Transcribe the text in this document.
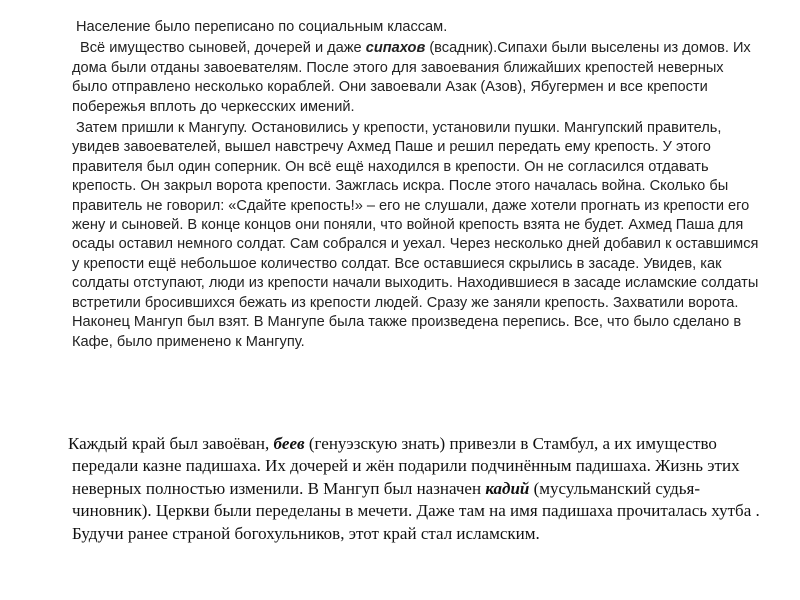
Население было переписано по социальным классам.

Всё имущество сыновей, дочерей и даже сипахов (всадник).Сипахи были выселены из домов. Их дома были отданы завоевателям. После этого для завоевания ближайших крепостей неверных было отправлено несколько кораблей. Они завоевали Азак (Азов), Ябугермен и все крепости побережья вплоть до черкесских имений.

Затем пришли к Мангупу. Остановились у крепости, установили пушки. Мангупский правитель, увидев завоевателей, вышел навстречу Ахмед Паше и решил передать ему крепость. У этого правителя был один соперник. Он всё ещё находился в крепости. Он не согласился отдавать крепость. Он закрыл ворота крепости. Зажглась искра. После этого началась война. Сколько бы правитель не говорил: «Сдайте крепость!» – его не слушали, даже хотели прогнать из крепости его жену и сыновей. В конце концов они поняли, что войной крепость взята не будет. Ахмед Паша для осады оставил немного солдат. Сам собрался и уехал. Через несколько дней добавил к оставшимся у крепости ещё небольшое количество солдат. Все оставшиеся скрылись в засаде. Увидев, как солдаты отступают, люди из крепости начали выходить. Находившиеся в засаде исламские солдаты встретили бросившихся бежать из крепости людей. Сразу же заняли крепость. Захватили ворота. Наконец Мангуп был взят. В Мангупе была также произведена перепись. Все, что было сделано в Кафе, было применено к Мангупу.

Каждый край был завоёван, беев (генуэзскую знать) привезли в Стамбул, а их имущество передали казне падишаха. Их дочерей и жён подарили подчинённым падишаха. Жизнь этих неверных полностью изменили. В Мангуп был назначен кадий (мусульманский судья-чиновник). Церкви были переделаны в мечети. Даже там на имя падишаха прочиталась хутба . Будучи ранее страной богохульников, этот край стал исламским.
